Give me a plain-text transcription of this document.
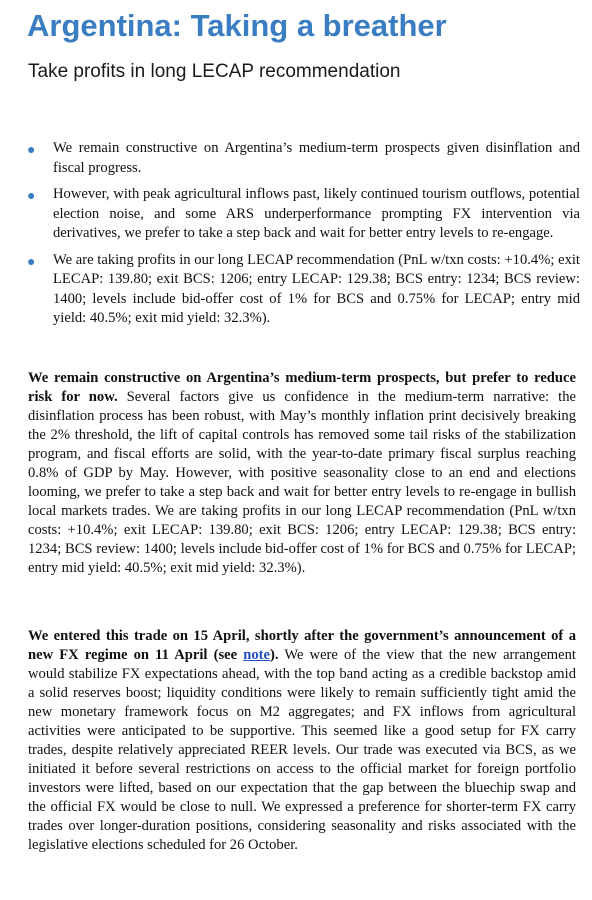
Argentina: Taking a breather
Take profits in long LECAP recommendation
● We remain constructive on Argentina’s medium-term prospects given disinflation and fiscal progress.
● However, with peak agricultural inflows past, likely continued tourism outflows, potential election noise, and some ARS underperformance prompting FX intervention via derivatives, we prefer to take a step back and wait for better entry levels to re-engage.
● We are taking profits in our long LECAP recommendation (PnL w/txn costs: +10.4%; exit LECAP: 139.80; exit BCS: 1206; entry LECAP: 129.38; BCS entry: 1234; BCS review: 1400; levels include bid-offer cost of 1% for BCS and 0.75% for LECAP; entry mid yield: 40.5%; exit mid yield: 32.3%).

We remain constructive on Argentina’s medium-term prospects, but prefer to reduce risk for now. Several factors give us confidence in the medium-term narrative: the disinflation process has been robust, with May’s monthly inflation print decisively breaking the 2% threshold, the lift of capital controls has removed some tail risks of the stabilization program, and fiscal efforts are solid, with the year-to-date primary fiscal surplus reaching 0.8% of GDP by May. However, with positive seasonality close to an end and elections looming, we prefer to take a step back and wait for better entry levels to re-engage in bullish local markets trades. We are taking profits in our long LECAP recommendation (PnL w/txn costs: +10.4%; exit LECAP: 139.80; exit BCS: 1206; entry LECAP: 129.38; BCS entry: 1234; BCS review: 1400; levels include bid-offer cost of 1% for BCS and 0.75% for LECAP; entry mid yield: 40.5%; exit mid yield: 32.3%).

We entered this trade on 15 April, shortly after the government’s announcement of a new FX regime on 11 April (see note). We were of the view that the new arrangement would stabilize FX expectations ahead, with the top band acting as a credible backstop amid a solid reserves boost; liquidity conditions were likely to remain sufficiently tight amid the new monetary framework focus on M2 aggregates; and FX inflows from agricultural activities were anticipated to be supportive. This seemed like a good setup for FX carry trades, despite relatively appreciated REER levels. Our trade was executed via BCS, as we initiated it before several restrictions on access to the official market for foreign portfolio investors were lifted, based on our expectation that the gap between the bluechip swap and the official FX would be close to null. We expressed a preference for shorter-term FX carry trades over longer-duration positions, considering seasonality and risks associated with the legislative elections scheduled for 26 October.
